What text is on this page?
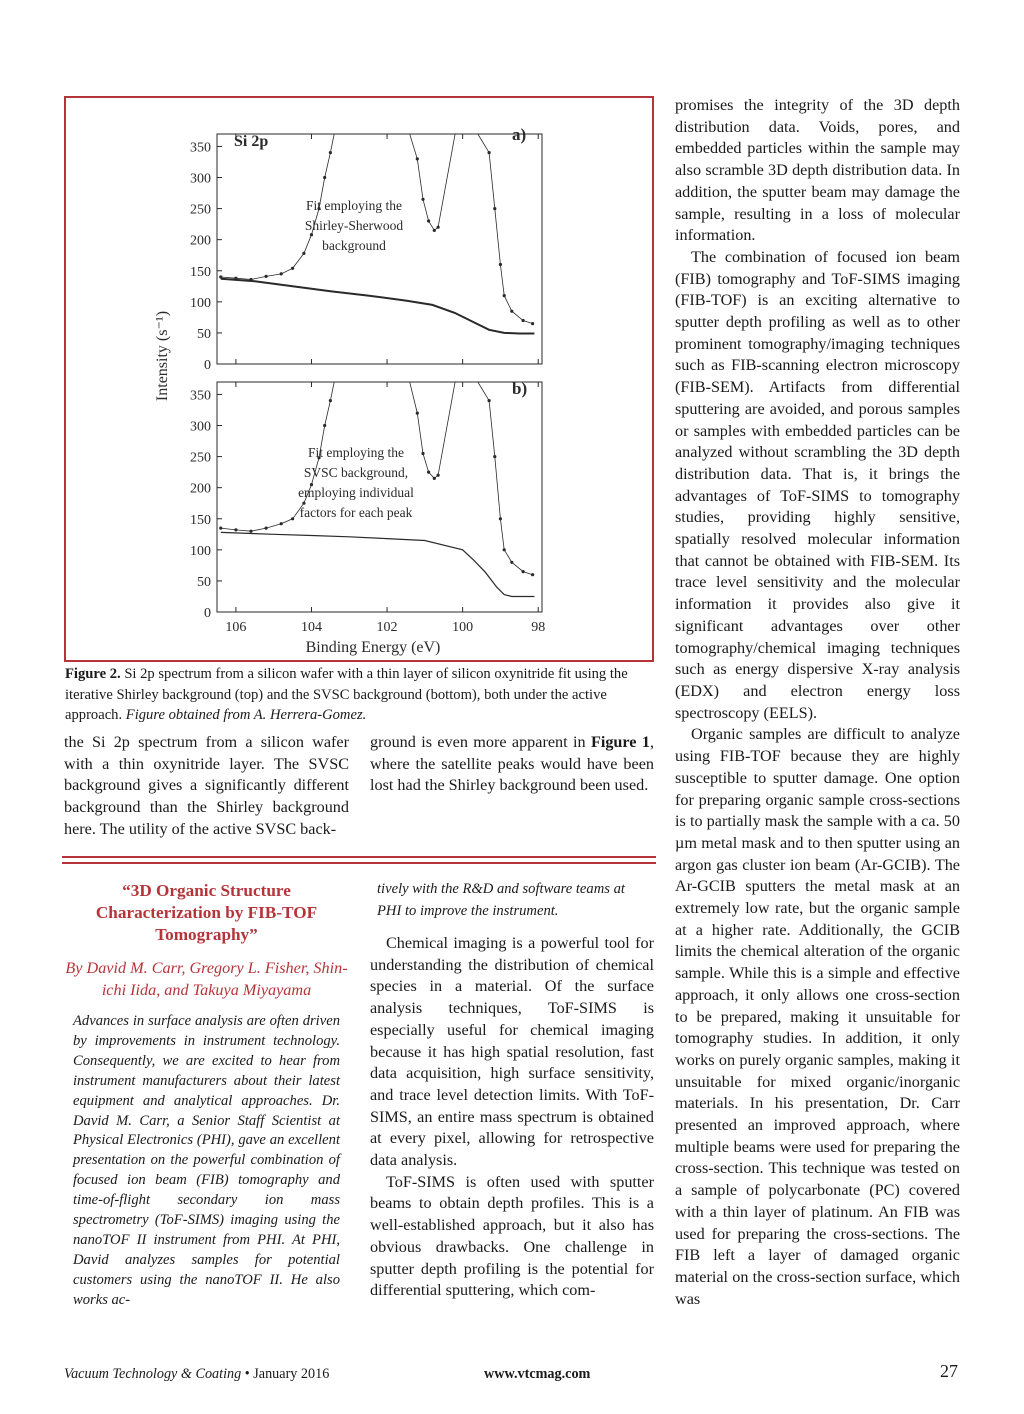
0
50
100
150
200
250
300
350
0
50
100
150
200
250
300
350
106	104	102	100	98
a)
b)
Si 2p
Fit employing the
Shirley-Sherwood
background
Fit employing the
SVSC background,
employing individual
factors for each peak
Intensity (s⁻¹)
Binding Energy (eV)
Figure 2. Si 2p spectrum from a silicon wafer with a thin layer of silicon oxynitride fit using the iterative Shirley background (top) and the SVSC background (bottom), both under the active approach. Figure obtained from A. Herrera-Gomez.

the Si 2p spectrum from a silicon wafer with a thin oxynitride layer. The SVSC background gives a significantly different background than the Shirley background here. The utility of the active SVSC back-

ground is even more apparent in Figure 1, where the satellite peaks would have been lost had the Shirley background been used.

“3D Organic Structure Characterization by FIB-TOF Tomography”
By David M. Carr, Gregory L. Fisher, Shin-ichi Iida, and Takuya Miyayama
Advances in surface analysis are often driven by improvements in instrument technology. Consequently, we are excited to hear from instrument manufacturers about their latest equipment and analytical approaches. Dr. David M. Carr, a Senior Staff Scientist at Physical Electronics (PHI), gave an excellent presentation on the powerful combination of focused ion beam (FIB) tomography and time-of-flight secondary ion mass spectrometry (ToF-SIMS) imaging using the nanoTOF II instrument from PHI. At PHI, David analyzes samples for potential customers using the nanoTOF II. He also works ac-
tively with the R&D and software teams at PHI to improve the instrument.

Chemical imaging is a powerful tool for understanding the distribution of chemical species in a material. Of the surface analysis techniques, ToF-SIMS is especially useful for chemical imaging because it has high spatial resolution, fast data acquisition, high surface sensitivity, and trace level detection limits. With ToF-SIMS, an entire mass spectrum is obtained at every pixel, allowing for retrospective data analysis.

ToF-SIMS is often used with sputter beams to obtain depth profiles. This is a well-established approach, but it also has obvious drawbacks. One challenge in sputter depth profiling is the potential for differential sputtering, which com-

promises the integrity of the 3D depth distribution data. Voids, pores, and embedded particles within the sample may also scramble 3D depth distribution data. In addition, the sputter beam may damage the sample, resulting in a loss of molecular information.

The combination of focused ion beam (FIB) tomography and ToF-SIMS imaging (FIB-TOF) is an exciting alternative to sputter depth profiling as well as to other prominent tomography/imaging techniques such as FIB-scanning electron microscopy (FIB-SEM). Artifacts from differential sputtering are avoided, and porous samples or samples with embedded particles can be analyzed without scrambling the 3D depth distribution data. That is, it brings the advantages of ToF-SIMS to tomography studies, providing highly sensitive, spatially resolved molecular information that cannot be obtained with FIB-SEM. Its trace level sensitivity and the molecular information it provides also give it significant advantages over other tomography/chemical imaging techniques such as energy dispersive X-ray analysis (EDX) and electron energy loss spectroscopy (EELS).

Organic samples are difficult to analyze using FIB-TOF because they are highly susceptible to sputter damage. One option for preparing organic sample cross-sections is to partially mask the sample with a ca. 50 µm metal mask and to then sputter using an argon gas cluster ion beam (Ar-GCIB). The Ar-GCIB sputters the metal mask at an extremely low rate, but the organic sample at a higher rate. Additionally, the GCIB limits the chemical alteration of the organic sample. While this is a simple and effective approach, it only allows one cross-section to be prepared, making it unsuitable for tomography studies. In addition, it only works on purely organic samples, making it unsuitable for mixed organic/inorganic materials. In his presentation, Dr. Carr presented an improved approach, where multiple beams were used for preparing the cross-section. This technique was tested on a sample of polycarbonate (PC) covered with a thin layer of platinum. An FIB was used for preparing the cross-sections. The FIB left a layer of damaged organic material on the cross-section surface, which was

Vacuum Technology & Coating • January 2016	www.vtcmag.com	27
